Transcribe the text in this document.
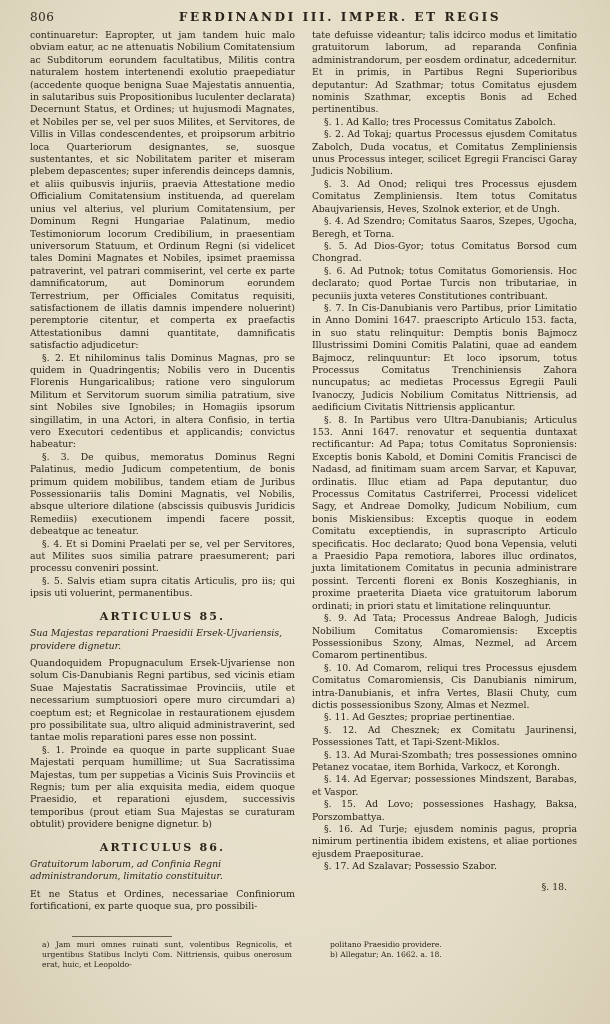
806	FERDINANDI III. IMPER. ET REGIS

continuaretur: Eapropter, ut jam tandem huic malo obviam eatur, ac ne attenuatis Nobilium Comitatensium ac Subditorum eorundem facultatibus, Militis contra naturalem hostem intertenendi exolutio praepediatur (accedente quoque benigna Suae Majestatis annuentia, in salutaribus suis Propositionibus luculenter declarata) Decernunt Status, et Ordines; ut hujusmodi Magnates, et Nobiles per se, vel per suos Milites, et Servitores, de Villis in Villas condescendentes, et proipsorum arbitrio loca Quarteriorum designantes, se, suosque sustentantes, et sic Nobilitatem pariter et miseram plebem depascentes; super inferendis deinceps damnis, et aliis quibusvis injuriis, praevia Attestatione medio Officialium Comitatensium instituenda, ad querelam unius vel alterius, vel plurium Comitatensium, per Dominum Regni Hungariae Palatinum, medio Testimoniorum locorum Credibilium, in praesentiam universorum Statuum, et Ordinum Regni (si videlicet tales Domini Magnates et Nobiles, ipsimet praemissa patraverint, vel patrari commiserint, vel certe ex parte damnificatorum, aut Dominorum eorundem Terrestrium, per Officiales Comitatus requisiti, satisfactionem de illatis damnis impendere noluerint) peremptorie citentur, et comperta ex praefactis Attestationibus damni quantitate, damnificatis satisfactio adjudicetur:

§. 2. Et nihilominus talis Dominus Magnas, pro se quidem in Quadringentis; Nobilis vero in Ducentis Florenis Hungaricalibus; ratione vero singulorum Militum et Servitorum suorum similia patratium, sive sint Nobiles sive Ignobiles; in Homagiis ipsorum singillatim, in una Actori, in altera Confisio, in tertia vero Executori cedentibus et applicandis; convictus habeatur:

§. 3. De quibus, memoratus Dominus Regni Palatinus, medio Judicum competentium, de bonis primum quidem mobilibus, tandem etiam de Juribus Possessionariis talis Domini Magnatis, vel Nobilis, absque ulteriore dilatione (abscissis quibusvis Juridicis Remediis) executionem impendi facere possit, debeatque ac teneatur.

§. 4. Et si Domini Praelati per se, vel per Servitores, aut Milites suos similia patrare praesumerent; pari processu conveniri possint.

§. 5. Salvis etiam supra citatis Articulis, pro iis; qui ipsis uti voluerint, permanentibus.

ARTICULUS 85.

Sua Majestas reparationi Praesidii Ersek-Ujvariensis, providere dignetur.

Quandoquidem Propugnaculum Ersek-Ujvariense non solum Cis-Danubianis Regni partibus, sed vicinis etiam Suae Majestatis Sacratissimae Provinciis, utile et necessarium sumptuosiori opere muro circumdari a) coeptum est; et Regnicolae in restaurationem ejusdem pro possibilitate sua, ultro aliquid administraverint, sed tantae molis reparationi pares esse non possint.

§. 1. Proinde ea quoque in parte supplicant Suae Majestati perquam humillime; ut Sua Sacratissima Majestas, tum per suppetias a Vicinis Suis Provinciis et Regnis; tum per alia exquisita media, eidem quoque Praesidio, et reparationi ejusdem, successivis temporibus (prout etiam Sua Majestas se curaturam obtulit) providere benigne dignetur. b)

ARTICULUS 86.

Gratuitorum laborum, ad Confinia Regni administrandorum, limitatio constituitur.

Et ne Status et Ordines, necessariae Confiniorum fortificationi, ex parte quoque sua, pro possibili-

tate defuisse videantur; talis idcirco modus et limitatio gratuitorum laborum, ad reparanda Confinia administrandorum, per eosdem ordinatur, adcedernitur. Et in primis, in Partibus Regni Superioribus deputantur: Ad Szathmar; totus Comitatus ejusdem nominis Szathmar, exceptis Bonis ad Eched pertinentibus.

§. 1. Ad Kallo; tres Processus Comitatus Zabolch.

§. 2. Ad Tokaj; quartus Processus ejusdem Comitatus Zabolch, Duda vocatus, et Comitatus Zempliniensis unus Processus integer, scilicet Egregii Francisci Garay Judicis Nobilium.

§. 3. Ad Onod; reliqui tres Processus ejusdem Comitatus Zempliniensis. Item totus Comitatus Abaujvariensis, Heves, Szolnok exterior, et de Ungh.

§. 4. Ad Szendro; Comitatus Saaros, Szepes, Ugocha, Beregh, et Torna.

§. 5. Ad Dios-Gyor; totus Comitatus Borsod cum Chongrad.

§. 6. Ad Putnok; totus Comitatus Gomoriensis. Hoc declarato; quod Portae Turcis non tributariae, in pecuniis juxta veteres Constitutiones contribuant.

§. 7. In Cis-Danubianis vero Partibus, prior Limitatio in Anno Domini 1647. praescripto Articulo 153. facta, in suo statu relinquitur: Demptis bonis Bajmocz Illustrissimi Domini Comitis Palatini, quae ad eandem Bajmocz, relinquuntur: Et loco ipsorum, totus Processus Comitatus Trenchiniensis Zahora nuncupatus; ac medietas Processus Egregii Pauli Ivanoczy, Judicis Nobilium Comitatus Nittriensis, ad aedificium Civitatis Nittriensis applicantur.

§. 8. In Partibus vero Ultra-Danubianis; Articulus 153. Anni 1647. renovatur et sequentia duntaxat rectificantur: Ad Papa; totus Comitatus Soproniensis: Exceptis bonis Kabold, et Domini Comitis Francisci de Nadasd, ad finitimam suam arcem Sarvar, et Kapuvar, ordinatis. Illuc etiam ad Papa deputantur, duo Processus Comitatus Castriferrei, Processi videlicet Sagy, et Andreae Domolky, Judicum Nobilium, cum bonis Miskiensibus: Exceptis quoque in eodem Comitatu exceptiendis, in suprascripto Articulo specificatis. Hoc declarato; Quod bona Vepensia, veluti a Praesidio Papa remotiora, labores illuc ordinatos, juxta limitationem Comitatus in pecunia administrare possint. Tercenti floreni ex Bonis Koszeghianis, in proxime praeterita Diaeta vice gratuitorum laborum ordinati; in priori statu et limitatione relinquuntur.

§. 9. Ad Tata; Processus Andreae Balogh, Judicis Nobilium Comitatus Comaromiensis: Exceptis Possessionibus Szony, Almas, Nezmel, ad Arcem Comarom pertinentibus.

§. 10. Ad Comarom, reliqui tres Processus ejusdem Comitatus Comaromiensis, Cis Danubianis nimirum, intra-Danubianis, et infra Vertes, Blasii Chuty, cum dictis possessionibus Szony, Almas et Nezmel.

§. 11. Ad Gesztes; propriae pertinentiae.

§. 12. Ad Chesznek; ex Comitatu Jaurinensi, Possessiones Tatt, et Tapi-Szent-Miklos.

§. 13. Ad Murai-Szombath; tres possessiones omnino Petanez vocatae, item Borhida, Varkocz, et Korongh.

§. 14. Ad Egervar; possessiones Mindszent, Barabas, et Vaspor.

§. 15. Ad Lovo; possessiones Hashagy, Baksa, Porszombattya.

§. 16. Ad Turje; ejusdem nominis pagus, propria nimirum pertinentia ibidem existens, et aliae portiones ejusdem Praepositurae.

§. 17. Ad Szalavar; Possessio Szabor.

§. 18.

a) Jam muri omnes ruinati sunt, volentibus Regnicolis, et urgentibus Statibus Inclyti Com. Nittriensis, quibus onerosum erat, huic, et Leopoldo-

politano Praesidio providere.

b) Allegatur; An. 1662. a. 18.
